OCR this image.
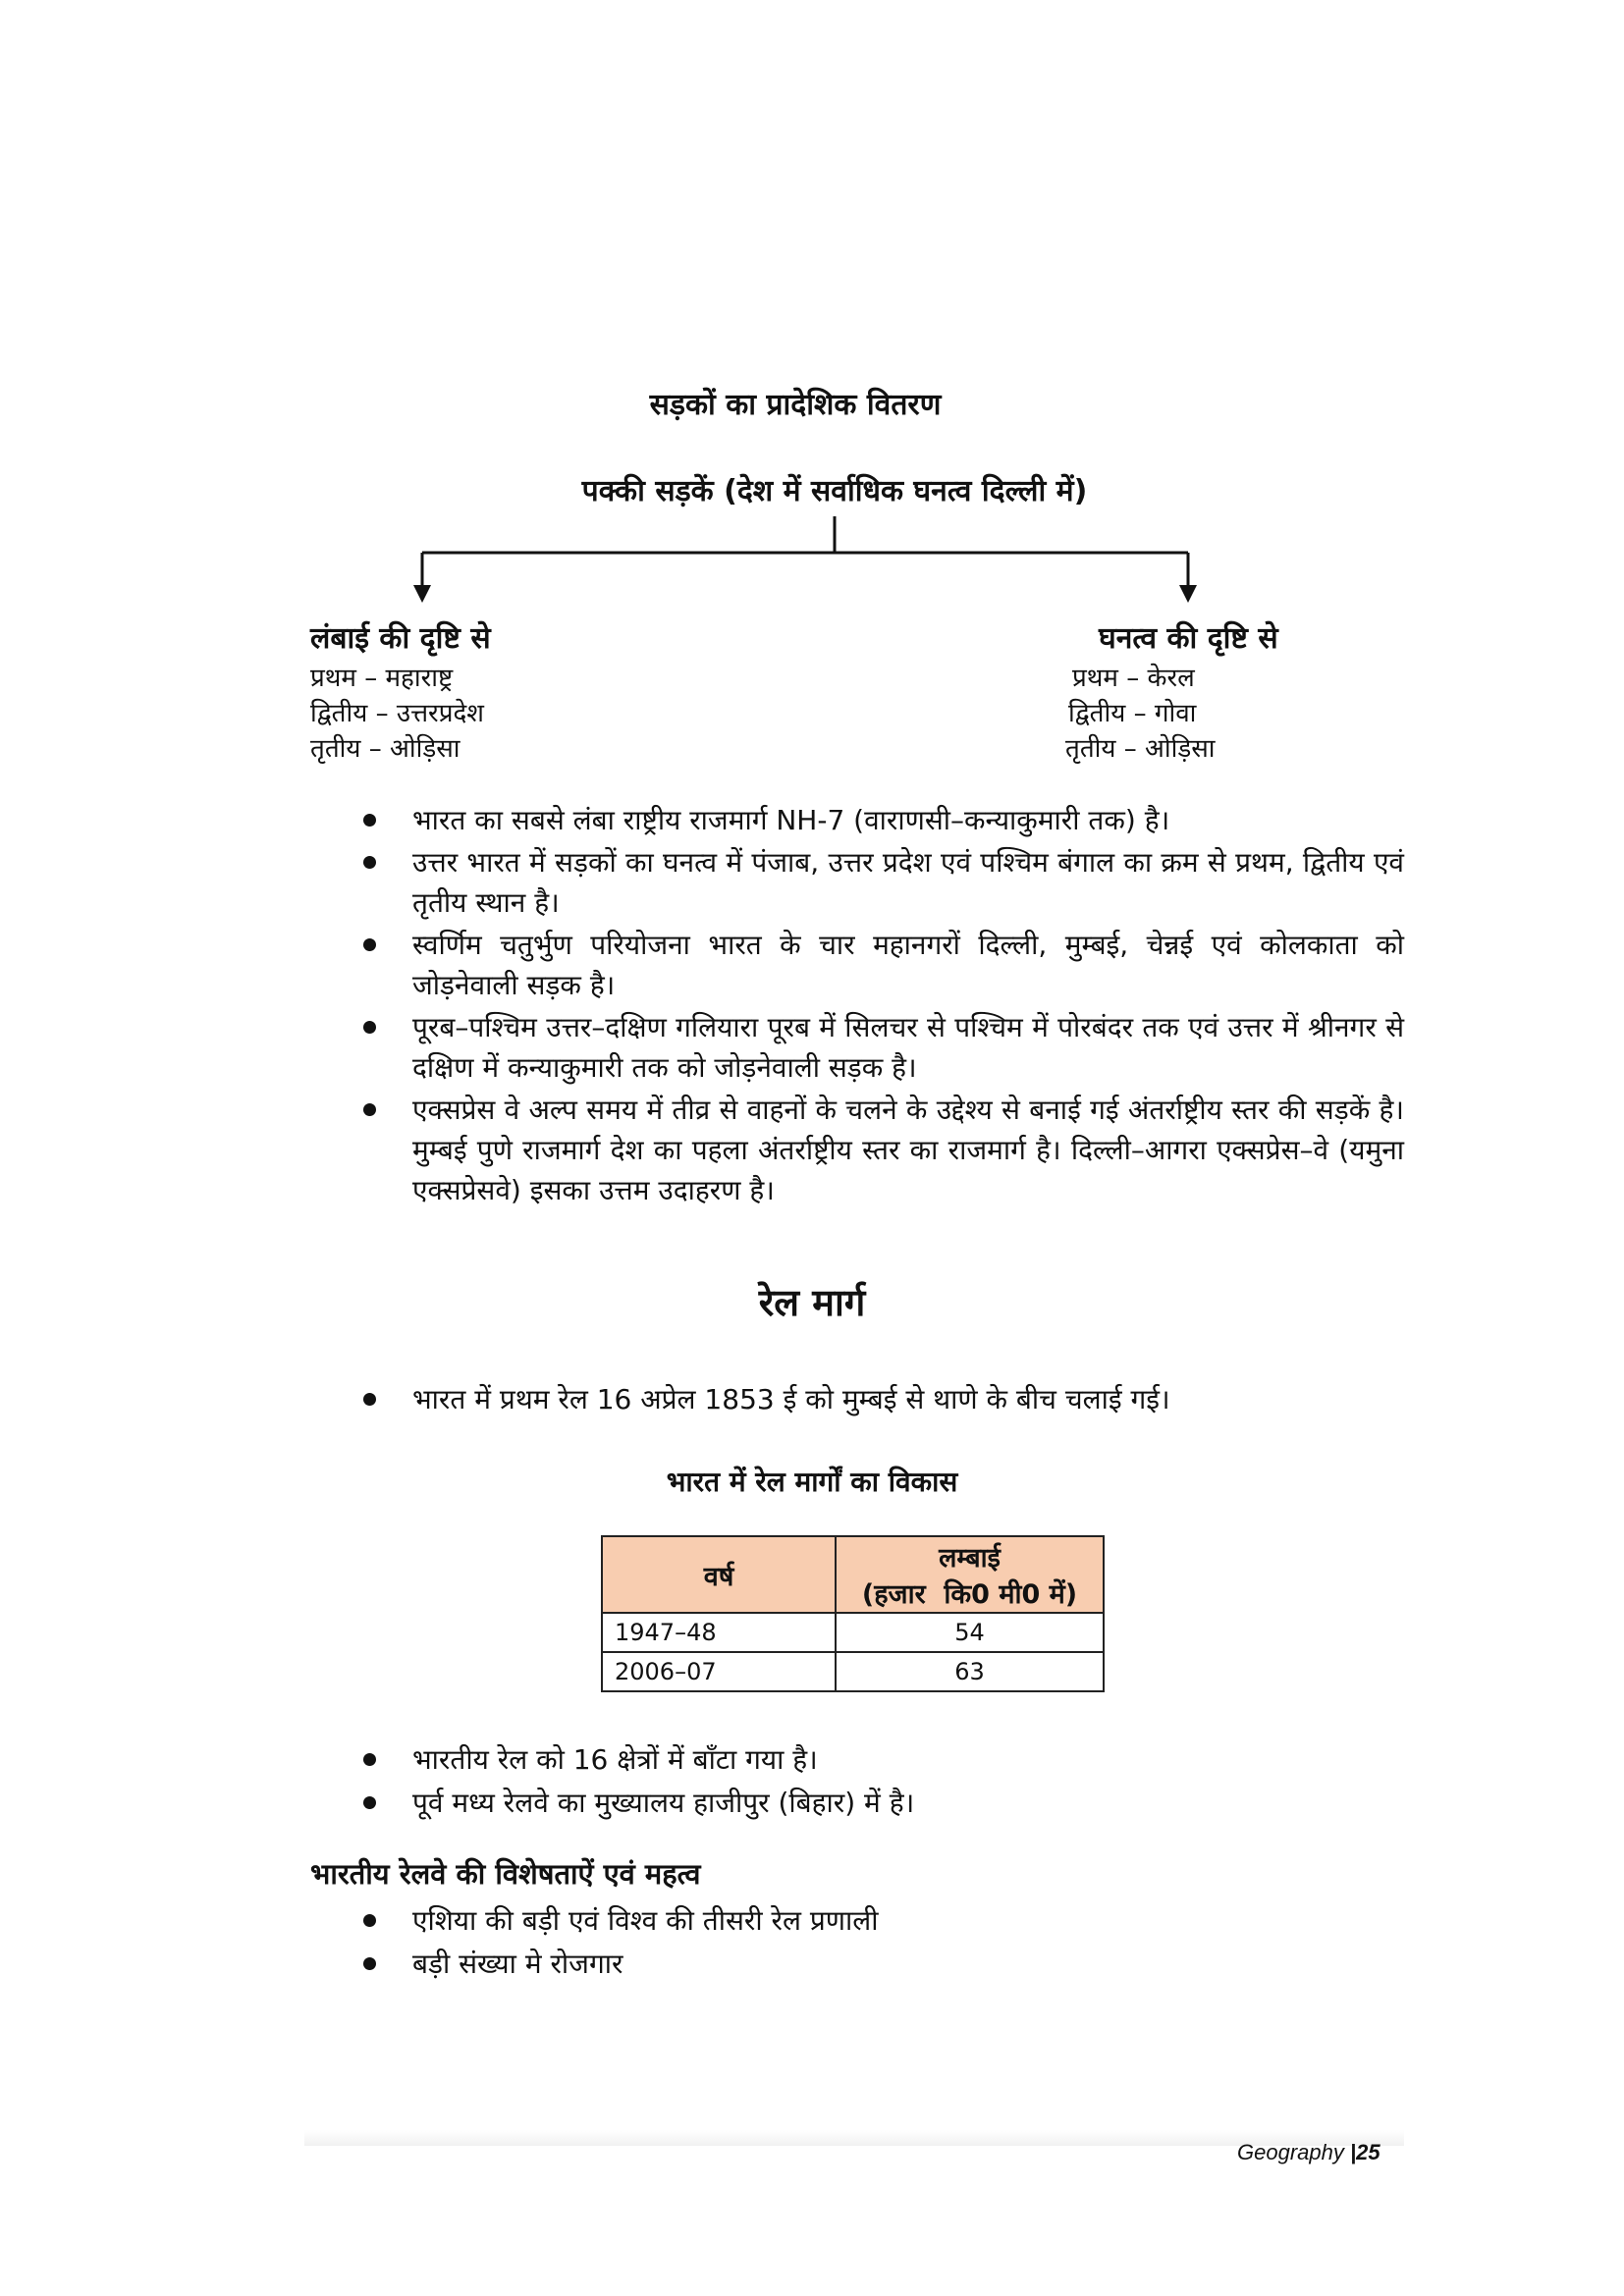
सड़कों का प्रादेशिक वितरण
पक्की सड़कें (देश में सर्वाधिक घनत्व दिल्ली में)
लंबाई की दृष्टि से
प्रथम – महाराष्ट्र
द्वितीय – उत्तरप्रदेश
तृतीय – ओड़िसा
घनत्व की दृष्टि से
प्रथम – केरल
द्वितीय – गोवा
तृतीय – ओड़िसा
भारत का सबसे लंबा राष्ट्रीय राजमार्ग NH-7 (वाराणसी–कन्याकुमारी तक) है।
उत्तर भारत में सड़कों का घनत्व में पंजाब, उत्तर प्रदेश एवं पश्चिम बंगाल का क्रम से प्रथम, द्वितीय एवं तृतीय स्थान है।
स्वर्णिम चतुर्भुण परियोजना भारत के चार महानगरों दिल्ली, मुम्बई, चेन्नई एवं कोलकाता को जोड़नेवाली सड़क है।
पूरब–पश्चिम उत्तर–दक्षिण गलियारा पूरब में सिलचर से पश्चिम में पोरबंदर तक एवं उत्तर में श्रीनगर से दक्षिण में कन्याकुमारी तक को जोड़नेवाली सड़क है।
एक्सप्रेस वे अल्प समय में तीव्र से वाहनों के चलने के उद्देश्य से बनाई गई अंतर्राष्ट्रीय स्तर की सड़कें है। मुम्बई पुणे राजमार्ग देश का पहला अंतर्राष्ट्रीय स्तर का राजमार्ग है। दिल्ली–आगरा एक्सप्रेस–वे (यमुना एक्सप्रेसवे) इसका उत्तम उदाहरण है।
रेल मार्ग
भारत में प्रथम रेल 16 अप्रेल 1853 ई को मुम्बई से थाणे के बीच चलाई गई।
भारत में रेल मार्गों का विकास
वर्ष	लम्बाई
(हजार  कि0 मी0 में)

1947–48	54
2006–07	63
भारतीय रेल को 16 क्षेत्रों में बाँटा गया है।
पूर्व मध्य रेलवे का मुख्यालय हाजीपुर (बिहार) में है।
भारतीय रेलवे की विशेषताऐं एवं महत्व
एशिया की बड़ी एवं विश्व की तीसरी रेल प्रणाली
बड़ी संख्या मे रोजगार
Geography |25
